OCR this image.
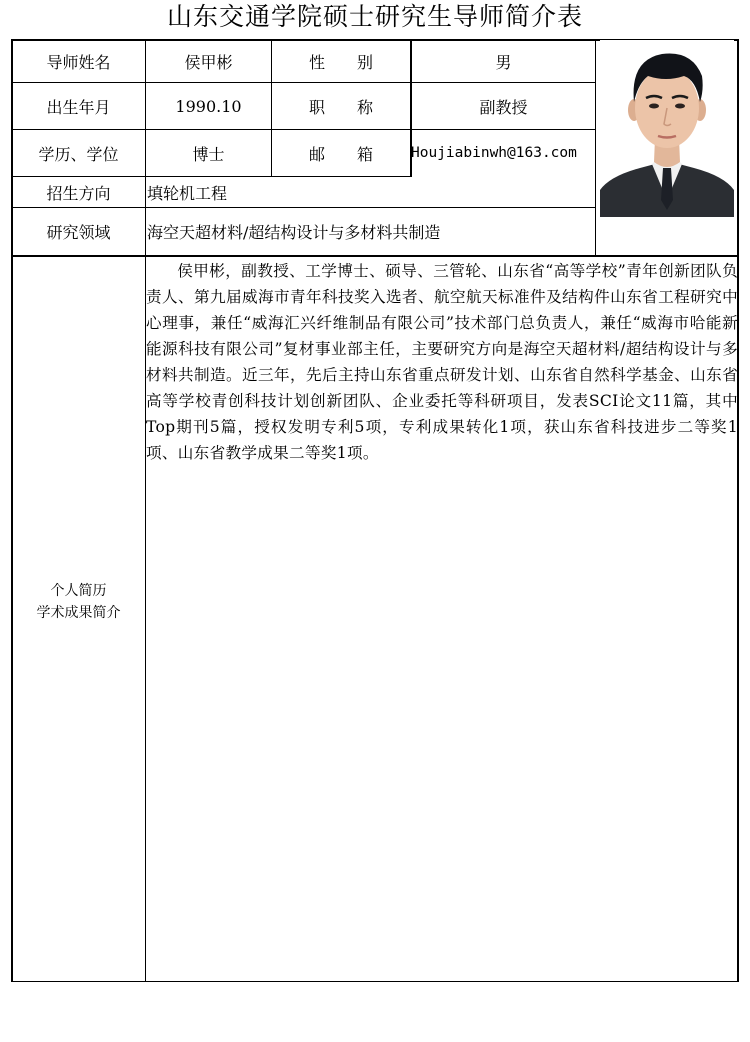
山东交通学院硕士研究生导师简介表
导师姓名	侯甲彬	性　　别	男
出生年月	1990.10	职　　称	副教授
学历、学位	博士	邮　　箱	Houjiabinwh@163.com
招生方向	填轮机工程
研究领域	海空天超材料/超结构设计与多材料共制造
个人简历
学术成果简介
侯甲彬，副教授、工学博士、硕导、三管轮、山东省“高等学校”青年创新团队负责人、第九届威海市青年科技奖入选者、航空航天标准件及结构件山东省工程研究中心理事，兼任“威海汇兴纤维制品有限公司”技术部门总负责人，兼任“威海市哈能新能源科技有限公司”复材事业部主任，主要研究方向是海空天超材料/超结构设计与多材料共制造。近三年，先后主持山东省重点研发计划、山东省自然科学基金、山东省高等学校青创科技计划创新团队、企业委托等科研项目，发表SCI论文11篇，其中Top期刊5篇，授权发明专利5项，专利成果转化1项，获山东省科技进步二等奖1项、山东省教学成果二等奖1项。
